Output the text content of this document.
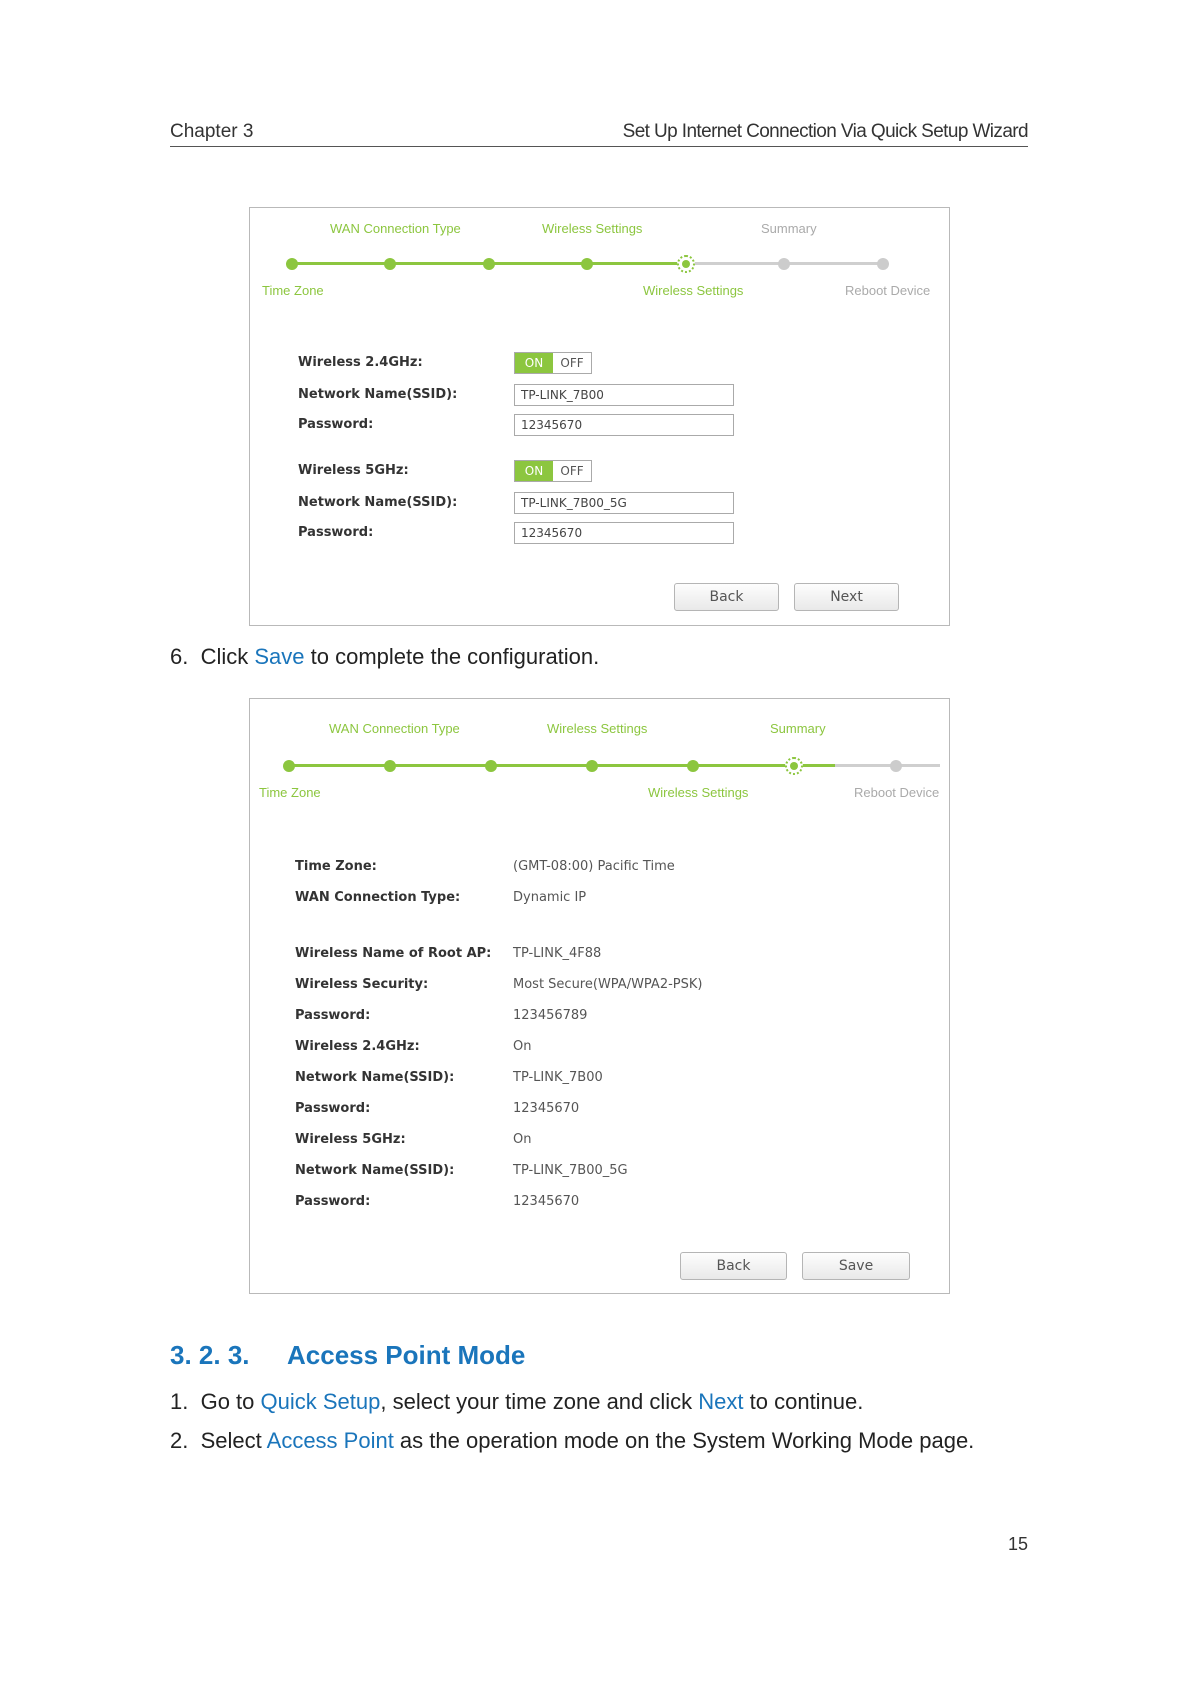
Chapter 3	Set Up Internet Connection Via Quick Setup Wizard
WAN Connection Type	Wireless Settings	Summary
Time Zone	Wireless Settings	Reboot Device
Wireless 2.4GHz:	ON	OFF
Network Name(SSID):	TP-LINK_7B00
Password:	12345670
Wireless 5GHz:	ON	OFF
Network Name(SSID):	TP-LINK_7B00_5G
Password:	12345670
Back	Next
6. Click Save to complete the configuration.
WAN Connection Type	Wireless Settings	Summary
Time Zone	Wireless Settings	Reboot Device
Time Zone:	(GMT-08:00) Pacific Time
WAN Connection Type:	Dynamic IP
Wireless Name of Root AP: TP-LINK_4F88
Wireless Security:	Most Secure(WPA/WPA2-PSK)
Password:	123456789
Wireless 2.4GHz:	On
Network Name(SSID):	TP-LINK_7B00
Password:	12345670
Wireless 5GHz:	On
Network Name(SSID):	TP-LINK_7B00_5G
Password:	12345670
Back	Save
3. 2. 3. Access Point Mode
1. Go to Quick Setup, select your time zone and click Next to continue.
2. Select Access Point as the operation mode on the System Working Mode page.
15
